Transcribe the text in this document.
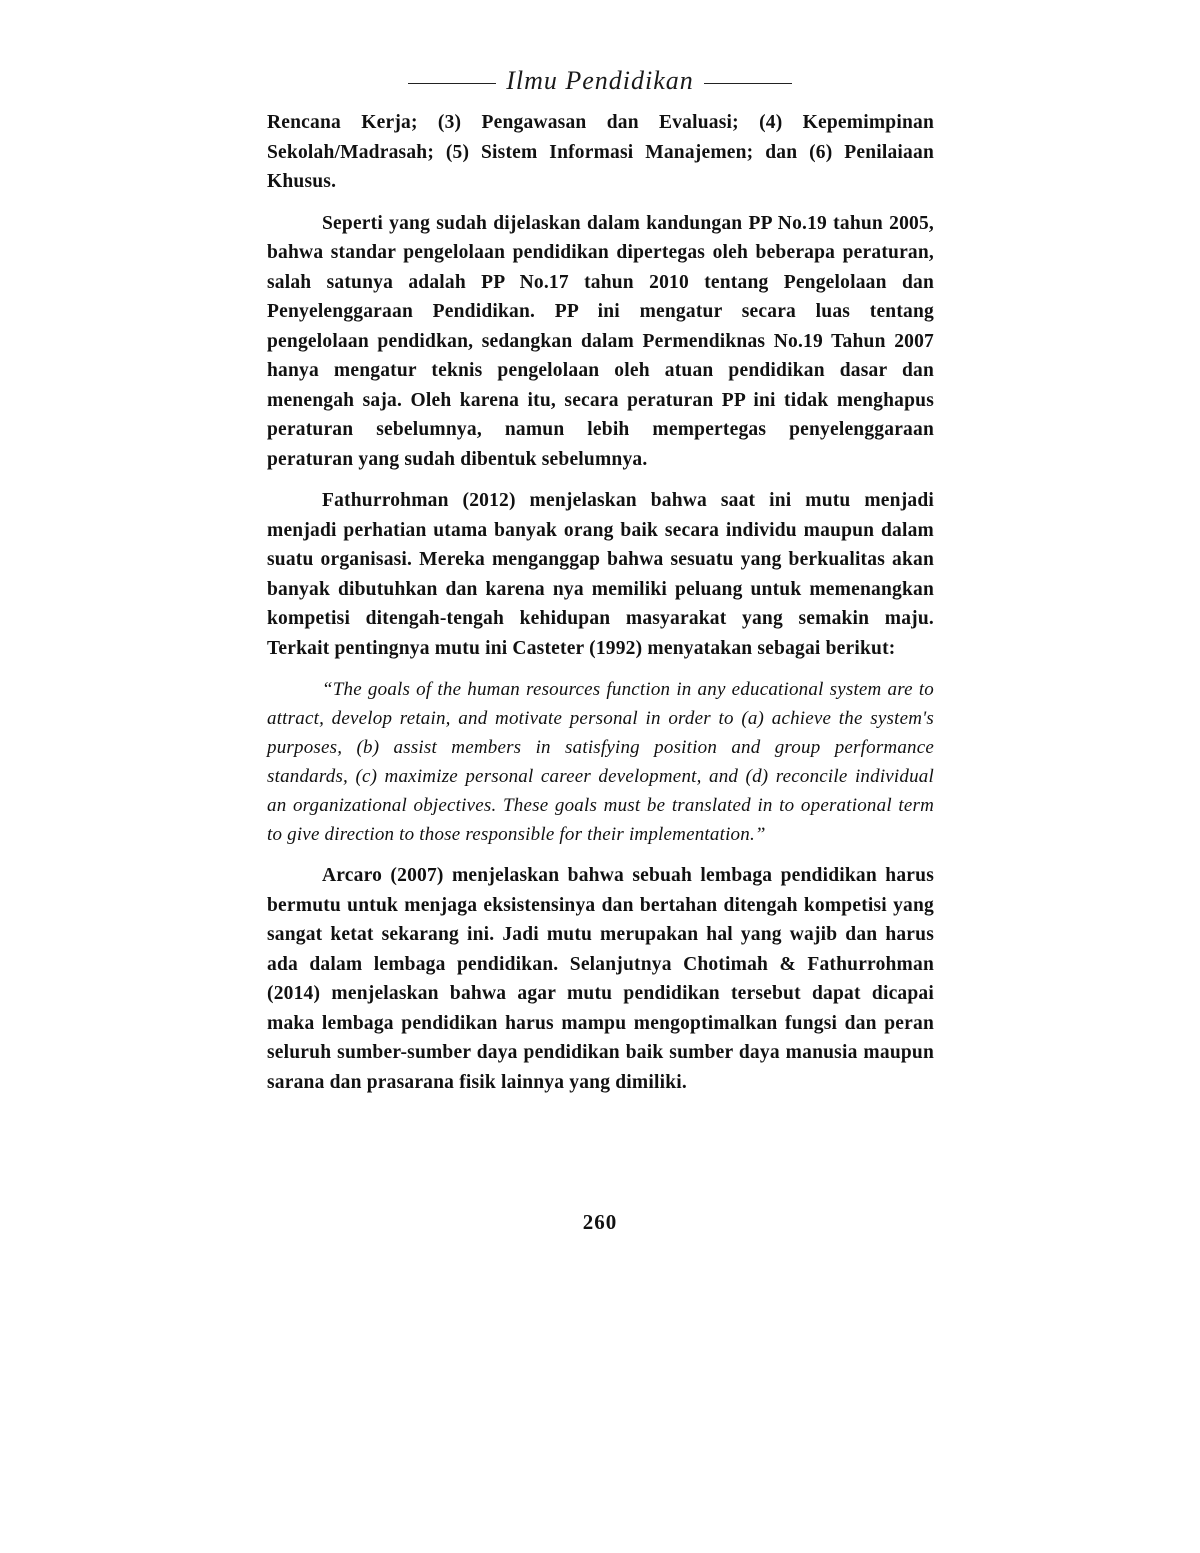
Ilmu Pendidikan

Rencana Kerja; (3) Pengawasan dan Evaluasi; (4) Kepemimpinan Sekolah/Madrasah; (5) Sistem Informasi Manajemen; dan (6) Penilaiaan Khusus.

Seperti yang sudah dijelaskan dalam kandungan PP No.19 tahun 2005, bahwa standar pengelolaan pendidikan dipertegas oleh beberapa peraturan, salah satunya adalah PP No.17 tahun 2010 tentang Pengelolaan dan Penyelenggaraan Pendidikan. PP ini mengatur secara luas tentang pengelolaan pendidkan, sedangkan dalam Permendiknas No.19 Tahun 2007 hanya mengatur teknis pengelolaan oleh atuan pendidikan dasar dan menengah saja. Oleh karena itu, secara peraturan PP ini tidak menghapus peraturan sebelumnya, namun lebih mempertegas penyelenggaraan peraturan yang sudah dibentuk sebelumnya.

Fathurrohman (2012) menjelaskan bahwa saat ini mutu menjadi menjadi perhatian utama banyak orang baik secara individu maupun dalam suatu organisasi. Mereka menganggap bahwa sesuatu yang berkualitas akan banyak dibutuhkan dan karena nya memiliki peluang untuk memenangkan kompetisi ditengah-tengah kehidupan masyarakat yang semakin maju. Terkait pentingnya mutu ini Casteter (1992) menyatakan sebagai berikut:

“The goals of the human resources function in any educational system are to attract, develop retain, and motivate personal in order to (a) achieve the system's purposes, (b) assist members in satisfying position and group performance standards, (c) maximize personal career development, and (d) reconcile individual an organizational objectives. These goals must be translated in to operational term to give direction to those responsible for their implementation.”

Arcaro (2007) menjelaskan bahwa sebuah lembaga pendidikan harus bermutu untuk menjaga eksistensinya dan bertahan ditengah kompetisi yang sangat ketat sekarang ini. Jadi mutu merupakan hal yang wajib dan harus ada dalam lembaga pendidikan. Selanjutnya Chotimah & Fathurrohman (2014) menjelaskan bahwa agar mutu pendidikan tersebut dapat dicapai maka lembaga pendidikan harus mampu mengoptimalkan fungsi dan peran seluruh sumber-sumber daya pendidikan baik sumber daya manusia maupun sarana dan prasarana fisik lainnya yang dimiliki.

260
